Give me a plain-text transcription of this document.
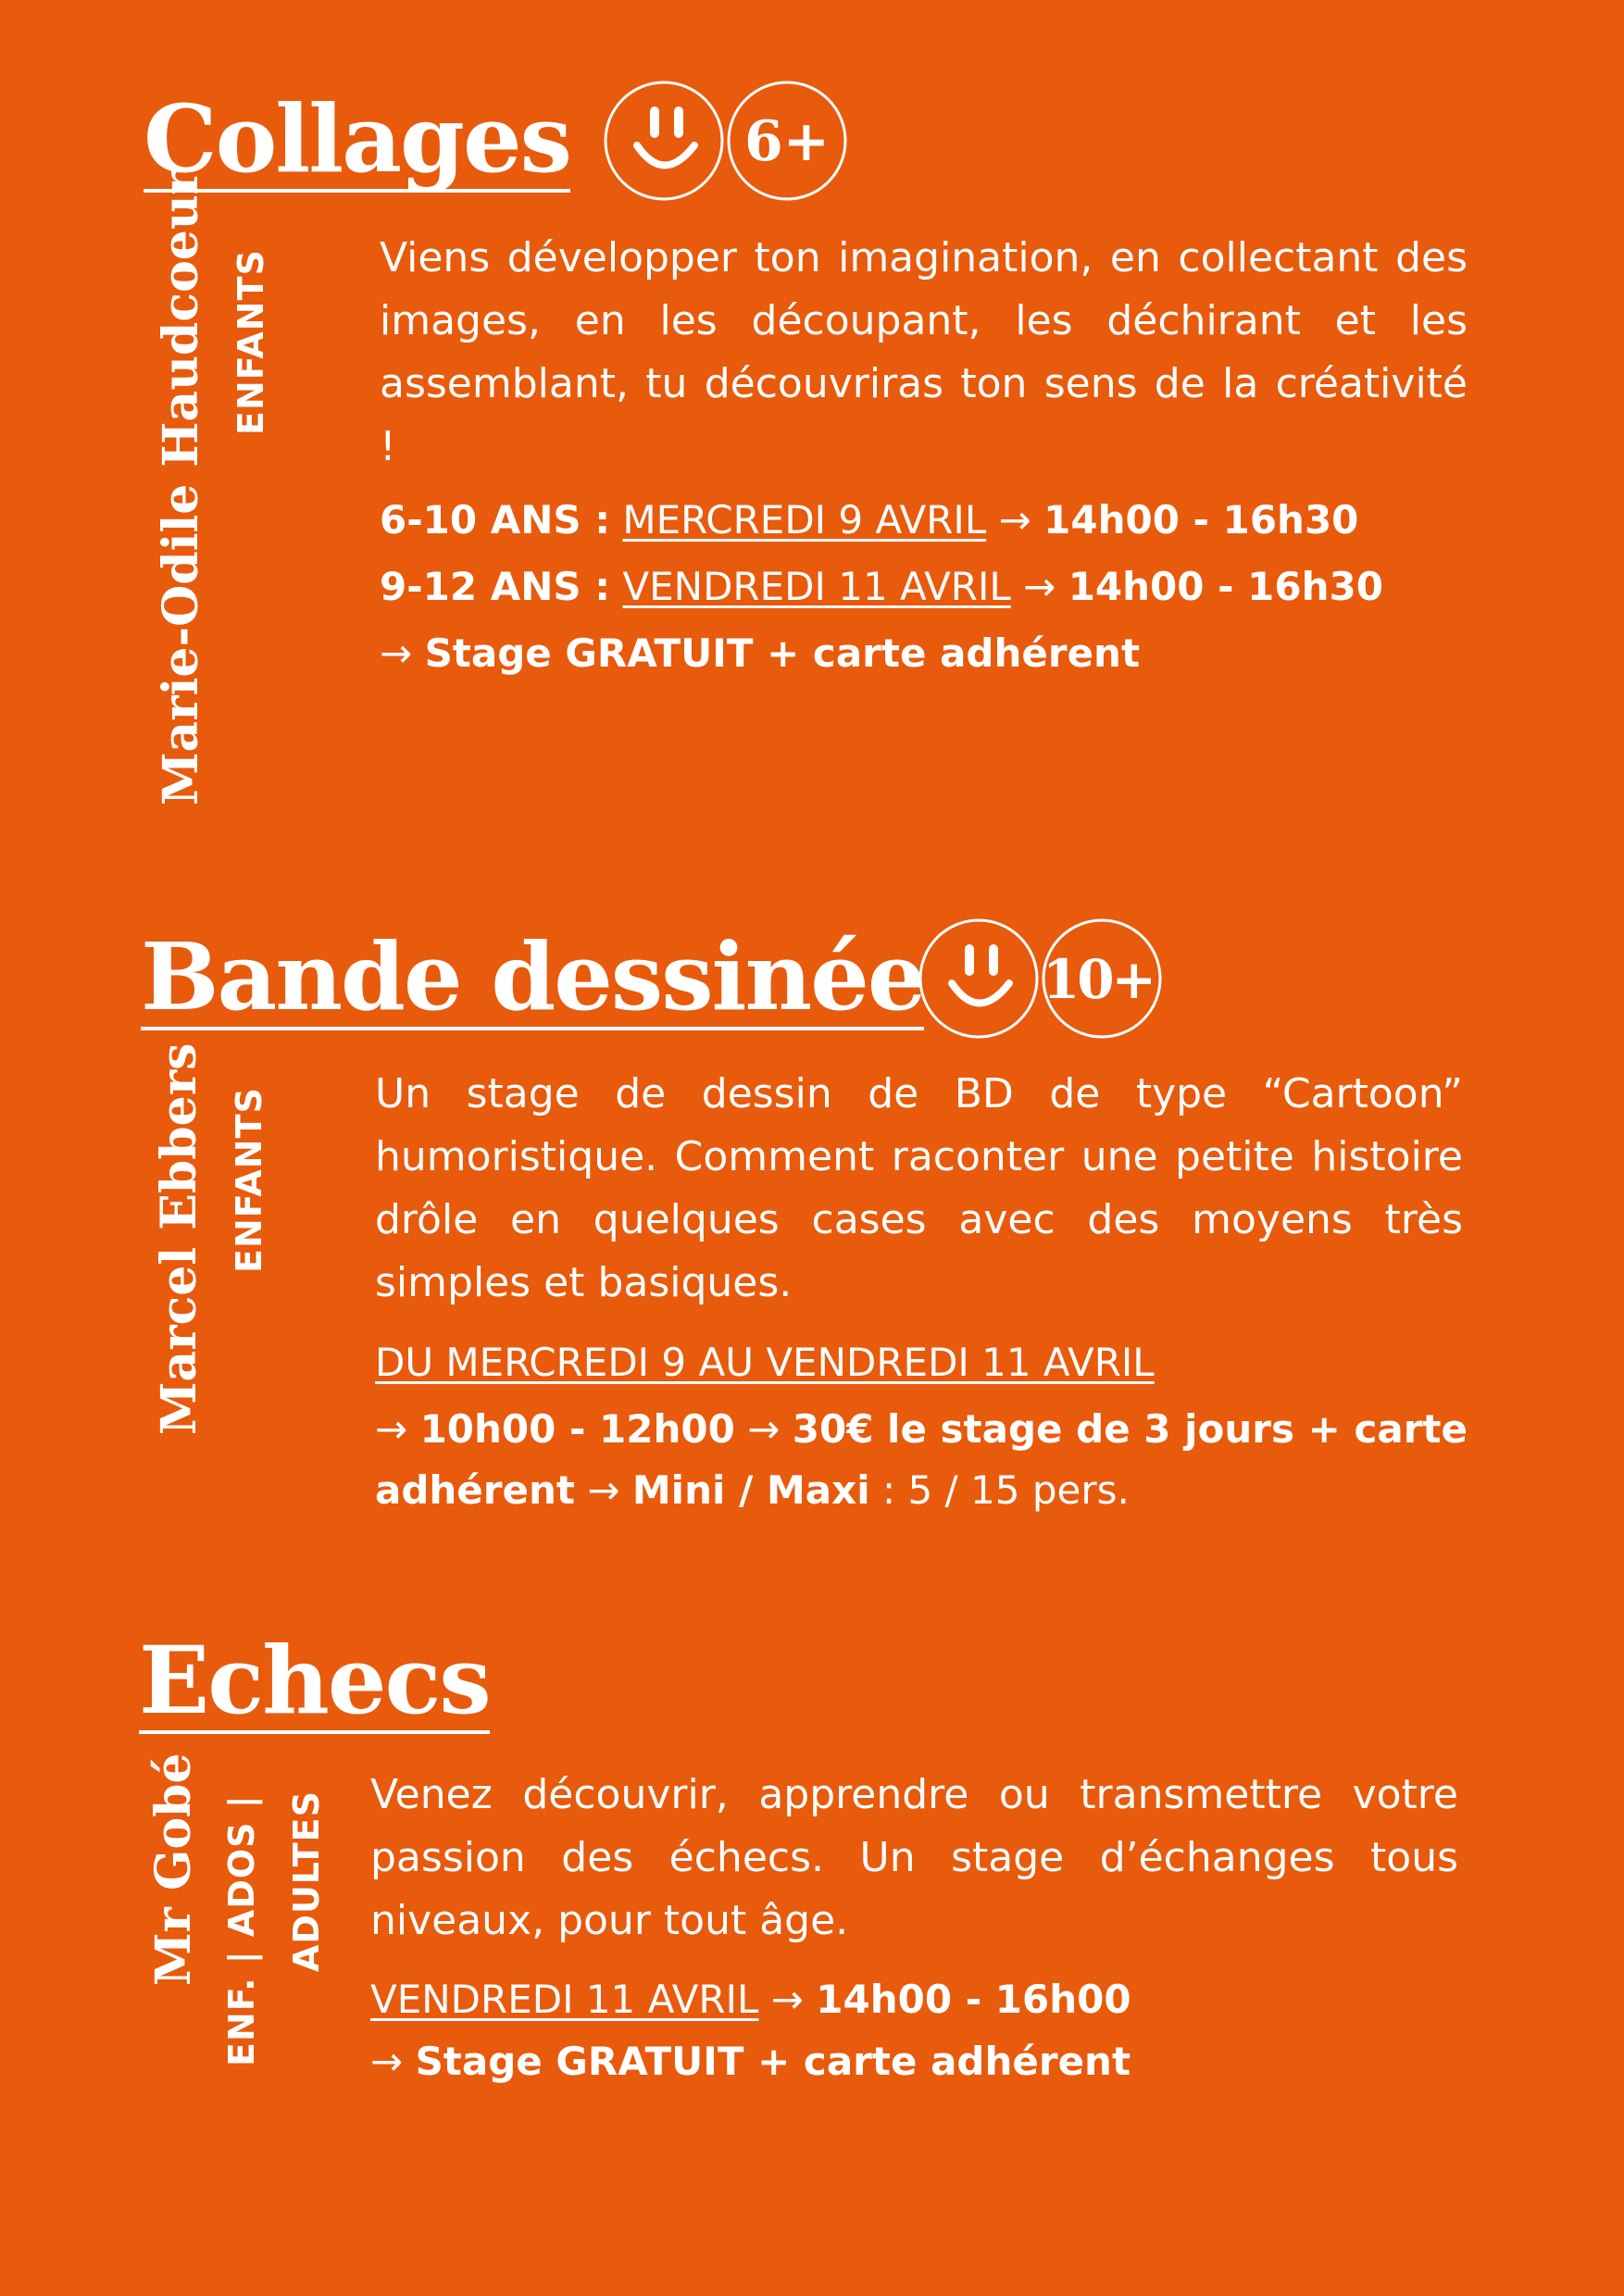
Collages	6+
Marie-Odile Haudcoeur ENFANTS	Viens développer ton imagination, en collectant des images, en les découpant, les déchirant et les assemblant, tu découvriras ton sens de la créativité !

6-10 ANS : MERCREDI 9 AVRIL → 14h00 - 16h30
9-12 ANS : VENDREDI 11 AVRIL → 14h00 - 16h30
→ Stage GRATUIT + carte adhérent
Bande dessinée 10+
Marcel Ebbers ENFANTS	Un stage de dessin de BD de type “Cartoon” humoristique. Comment raconter une petite histoire drôle en quelques cases avec des moyens très simples et basiques.

DU MERCREDI 9 AU VENDREDI 11 AVRIL
→ 10h00 - 12h00 → 30€ le stage de 3 jours + carte
adhérent → Mini / Maxi : 5 / 15 pers.
Echecs
Mr Gobé ENF. | ADOS | ADULTES Venez découvrir, apprendre ou transmettre votre passion des échecs. Un stage d’échanges tous niveaux, pour tout âge.

VENDREDI 11 AVRIL → 14h00 - 16h00
→ Stage GRATUIT + carte adhérent
